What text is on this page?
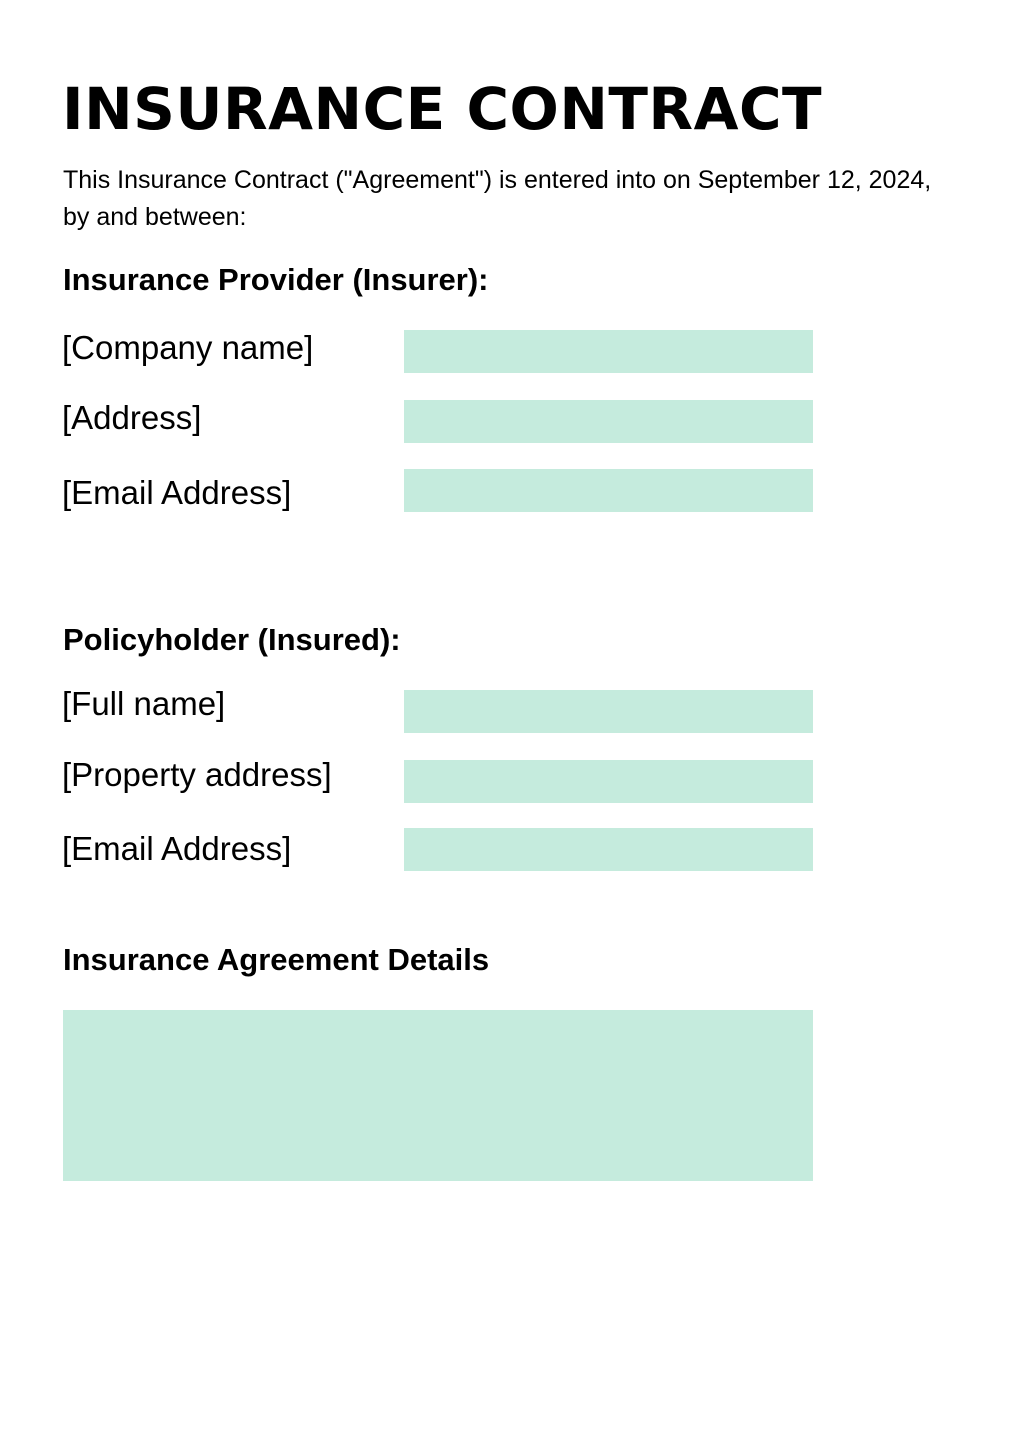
INSURANCE CONTRACT
This Insurance Contract ("Agreement") is entered into on September 12, 2024, by and between:
Insurance Provider (Insurer):
[Company name]
[Address]
[Email Address]
Policyholder (Insured):
[Full name]
[Property address]
[Email Address]
Insurance Agreement Details
